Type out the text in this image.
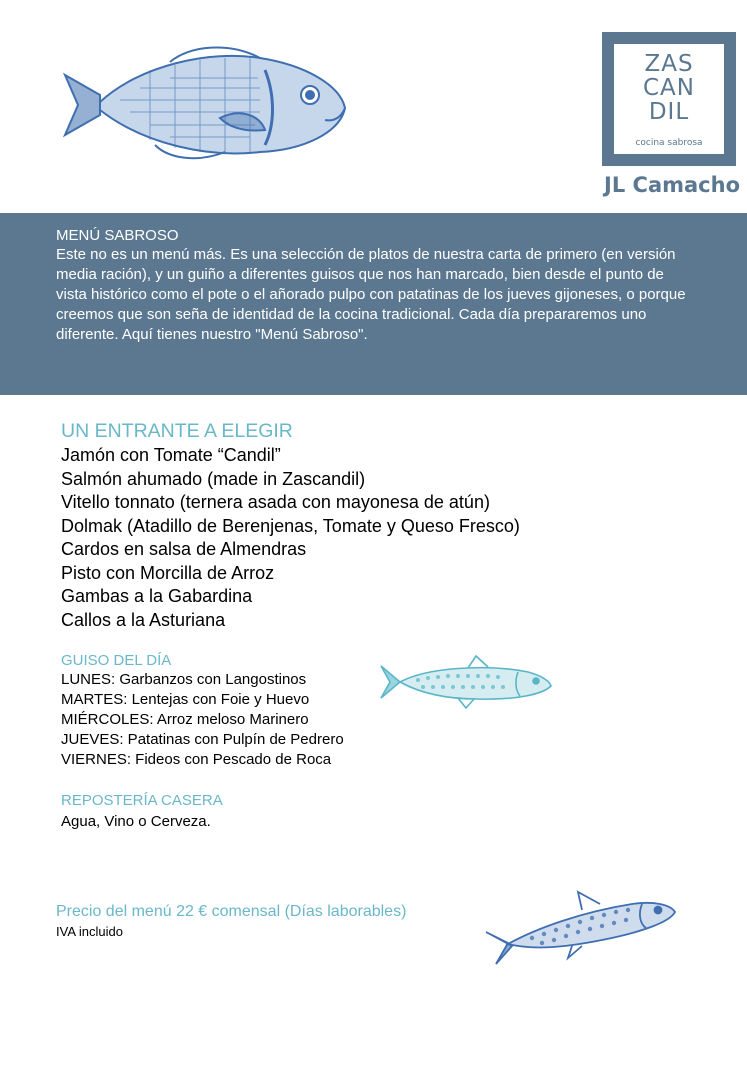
ZAS
CAN
DIL
cocina sabrosa
JL Camacho
MENÚ SABROSO

Este no es un menú más. Es una selección de platos de nuestra carta de primero (en versión media ración), y un guiño a diferentes guisos que nos han marcado, bien desde el punto de vista histórico como el pote o el añorado pulpo con patatinas de los jueves gijoneses, o porque creemos que son seña de identidad de la cocina tradicional. Cada día prepararemos uno diferente. Aquí tienes nuestro "Menú Sabroso".

UN ENTRANTE A ELEGIR
Jamón con Tomate “Candil”
Salmón ahumado (made in Zascandil)
Vitello tonnato (ternera asada con mayonesa de atún)
Dolmak (Atadillo de Berenjenas, Tomate y Queso Fresco)
Cardos en salsa de Almendras
Pisto con Morcilla de Arroz
Gambas a la Gabardina
Callos a la Asturiana
GUISO DEL DÍA
LUNES: Garbanzos con Langostinos
MARTES: Lentejas con Foie y Huevo
MIÉRCOLES: Arroz meloso Marinero
JUEVES: Patatinas con Pulpín de Pedrero
VIERNES: Fideos con Pescado de Roca
REPOSTERÍA CASERA
Agua, Vino o Cerveza.
Precio del menú 22 € comensal (Días laborables)
IVA incluido
